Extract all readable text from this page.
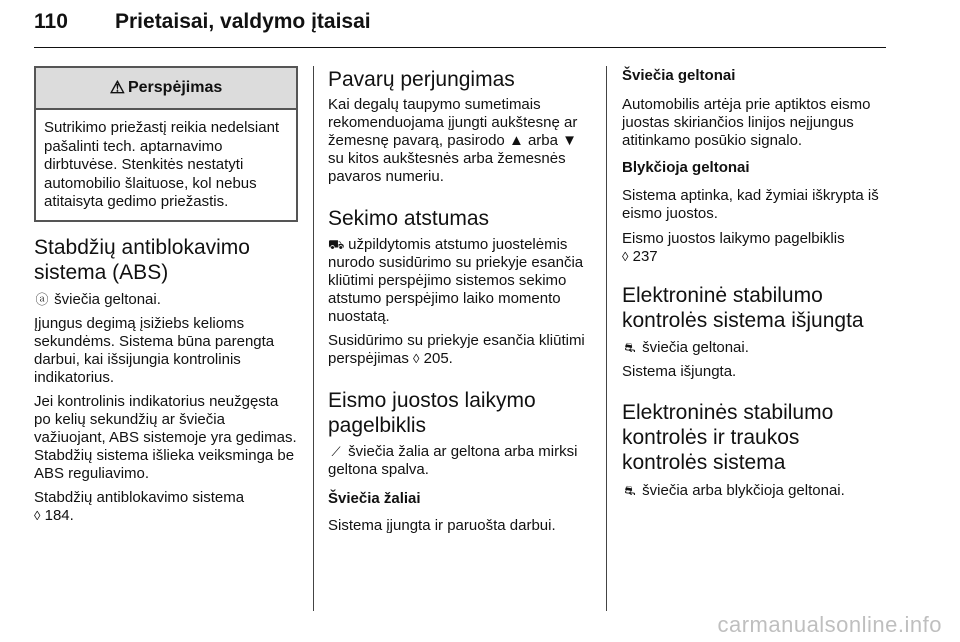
110 Prietaisai, valdymo įtaisai
⚠ Perspėjimas
Sutrikimo priežastį reikia nedelsiant pašalinti tech. aptarnavimo dirbtuvėse. Stenkitės nestatyti automobilio šlaituose, kol nebus atitaisyta gedimo priežastis.
Stabdžių antiblokavimo sistema (ABS)

ⓐ šviečia geltonai.

Įjungus degimą įsižiebs kelioms sekundėms. Sistema būna parengta darbui, kai išsijungia kontrolinis indikatorius.

Jei kontrolinis indikatorius neužgęsta po kelių sekundžių ar šviečia važiuojant, ABS sistemoje yra gedimas. Stabdžių sistema išlieka veiksminga be ABS reguliavimo.

Stabdžių antiblokavimo sistema

◊ 184.

Pavarų perjungimas

Kai degalų taupymo sumetimais rekomenduojama įjungti aukštesnę ar žemesnę pavarą, pasirodo ▲ arba ▼ su kitos aukštesnės arba žemesnės pavaros numeriu.

Sekimo atstumas

⛟ užpildytomis atstumo juostelėmis nurodo susidūrimo su priekyje esančia kliūtimi perspėjimo sistemos sekimo atstumo perspėjimo laiko momento nuostatą.

Susidūrimo su priekyje esančia kliūtimi perspėjimas ◊ 205.

Eismo juostos laikymo pagelbiklis

⟋ šviečia žalia ar geltona arba mirksi geltona spalva.

Šviečia žaliai

Sistema įjungta ir paruošta darbui.

Šviečia geltonai

Automobilis artėja prie aptiktos eismo juostas skiriančios linijos neįjungus atitinkamo posūkio signalo.

Blykčioja geltonai

Sistema aptinka, kad žymiai iškrypta iš eismo juostos.

Eismo juostos laikymo pagelbiklis

◊ 237

Elektroninė stabilumo kontrolės sistema išjungta

⛐ šviečia geltonai.

Sistema išjungta.

Elektroninės stabilumo kontrolės ir traukos kontrolės sistema

⛐ šviečia arba blykčioja geltonai.

carmanualsonline.info
